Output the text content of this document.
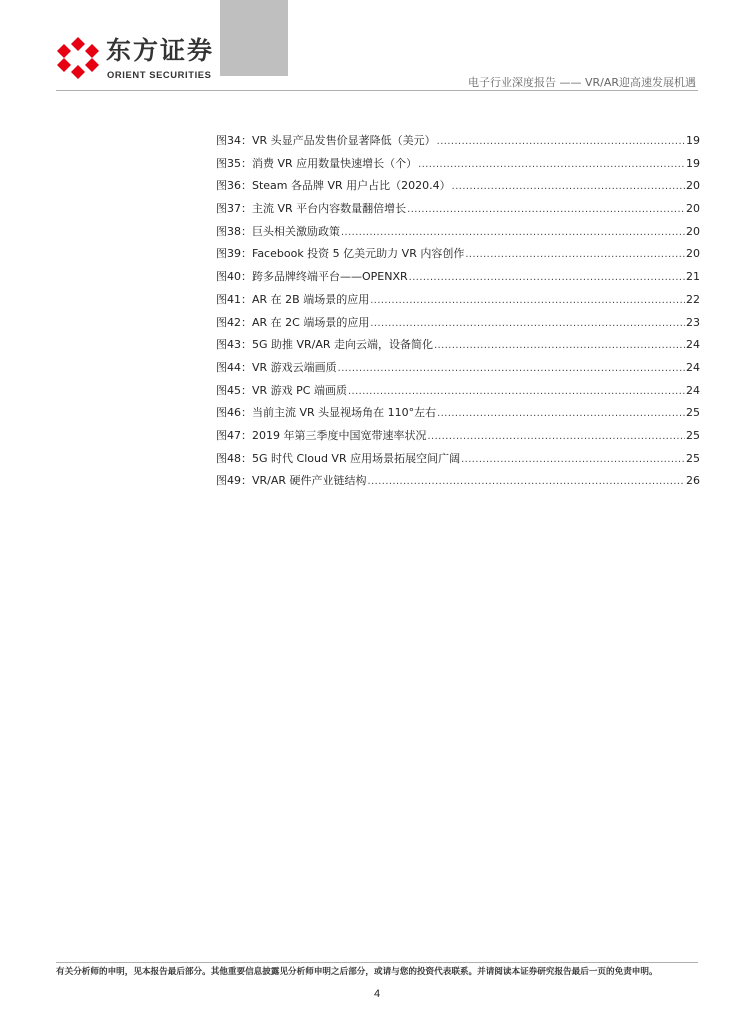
东方证券
ORIENT SECURITIES
电子行业深度报告 —— VR/AR迎高速发展机遇
图34：VR 头显产品发售价显著降低（美元） .....	19
图35：消费 VR 应用数量快速增长（个） .....	19
图36：Steam 各品牌 VR 用户占比（2020.4） .....	20
图37：主流 VR 平台内容数量翻倍增长 .....	20
图38：巨头相关激励政策 .....	20
图39：Facebook 投资 5 亿美元助力 VR 内容创作 .....	20
图40：跨多品牌终端平台——OPENXR .....	21
图41：AR 在 2B 端场景的应用 .....	22
图42：AR 在 2C 端场景的应用 .....	23
图43：5G 助推 VR/AR 走向云端，设备简化 .....	24
图44：VR 游戏云端画质 .....	24
图45：VR 游戏 PC 端画质 .....	24
图46：当前主流 VR 头显视场角在 110°左右 .....	25
图47：2019 年第三季度中国宽带速率状况 .....	25
图48：5G 时代 Cloud VR 应用场景拓展空间广阔 .....	25
图49：VR/AR 硬件产业链结构 .....	26
有关分析师的申明，见本报告最后部分。其他重要信息披露见分析师申明之后部分，或请与您的投资代表联系。并请阅读本证券研究报告最后一页的免责申明。
4
